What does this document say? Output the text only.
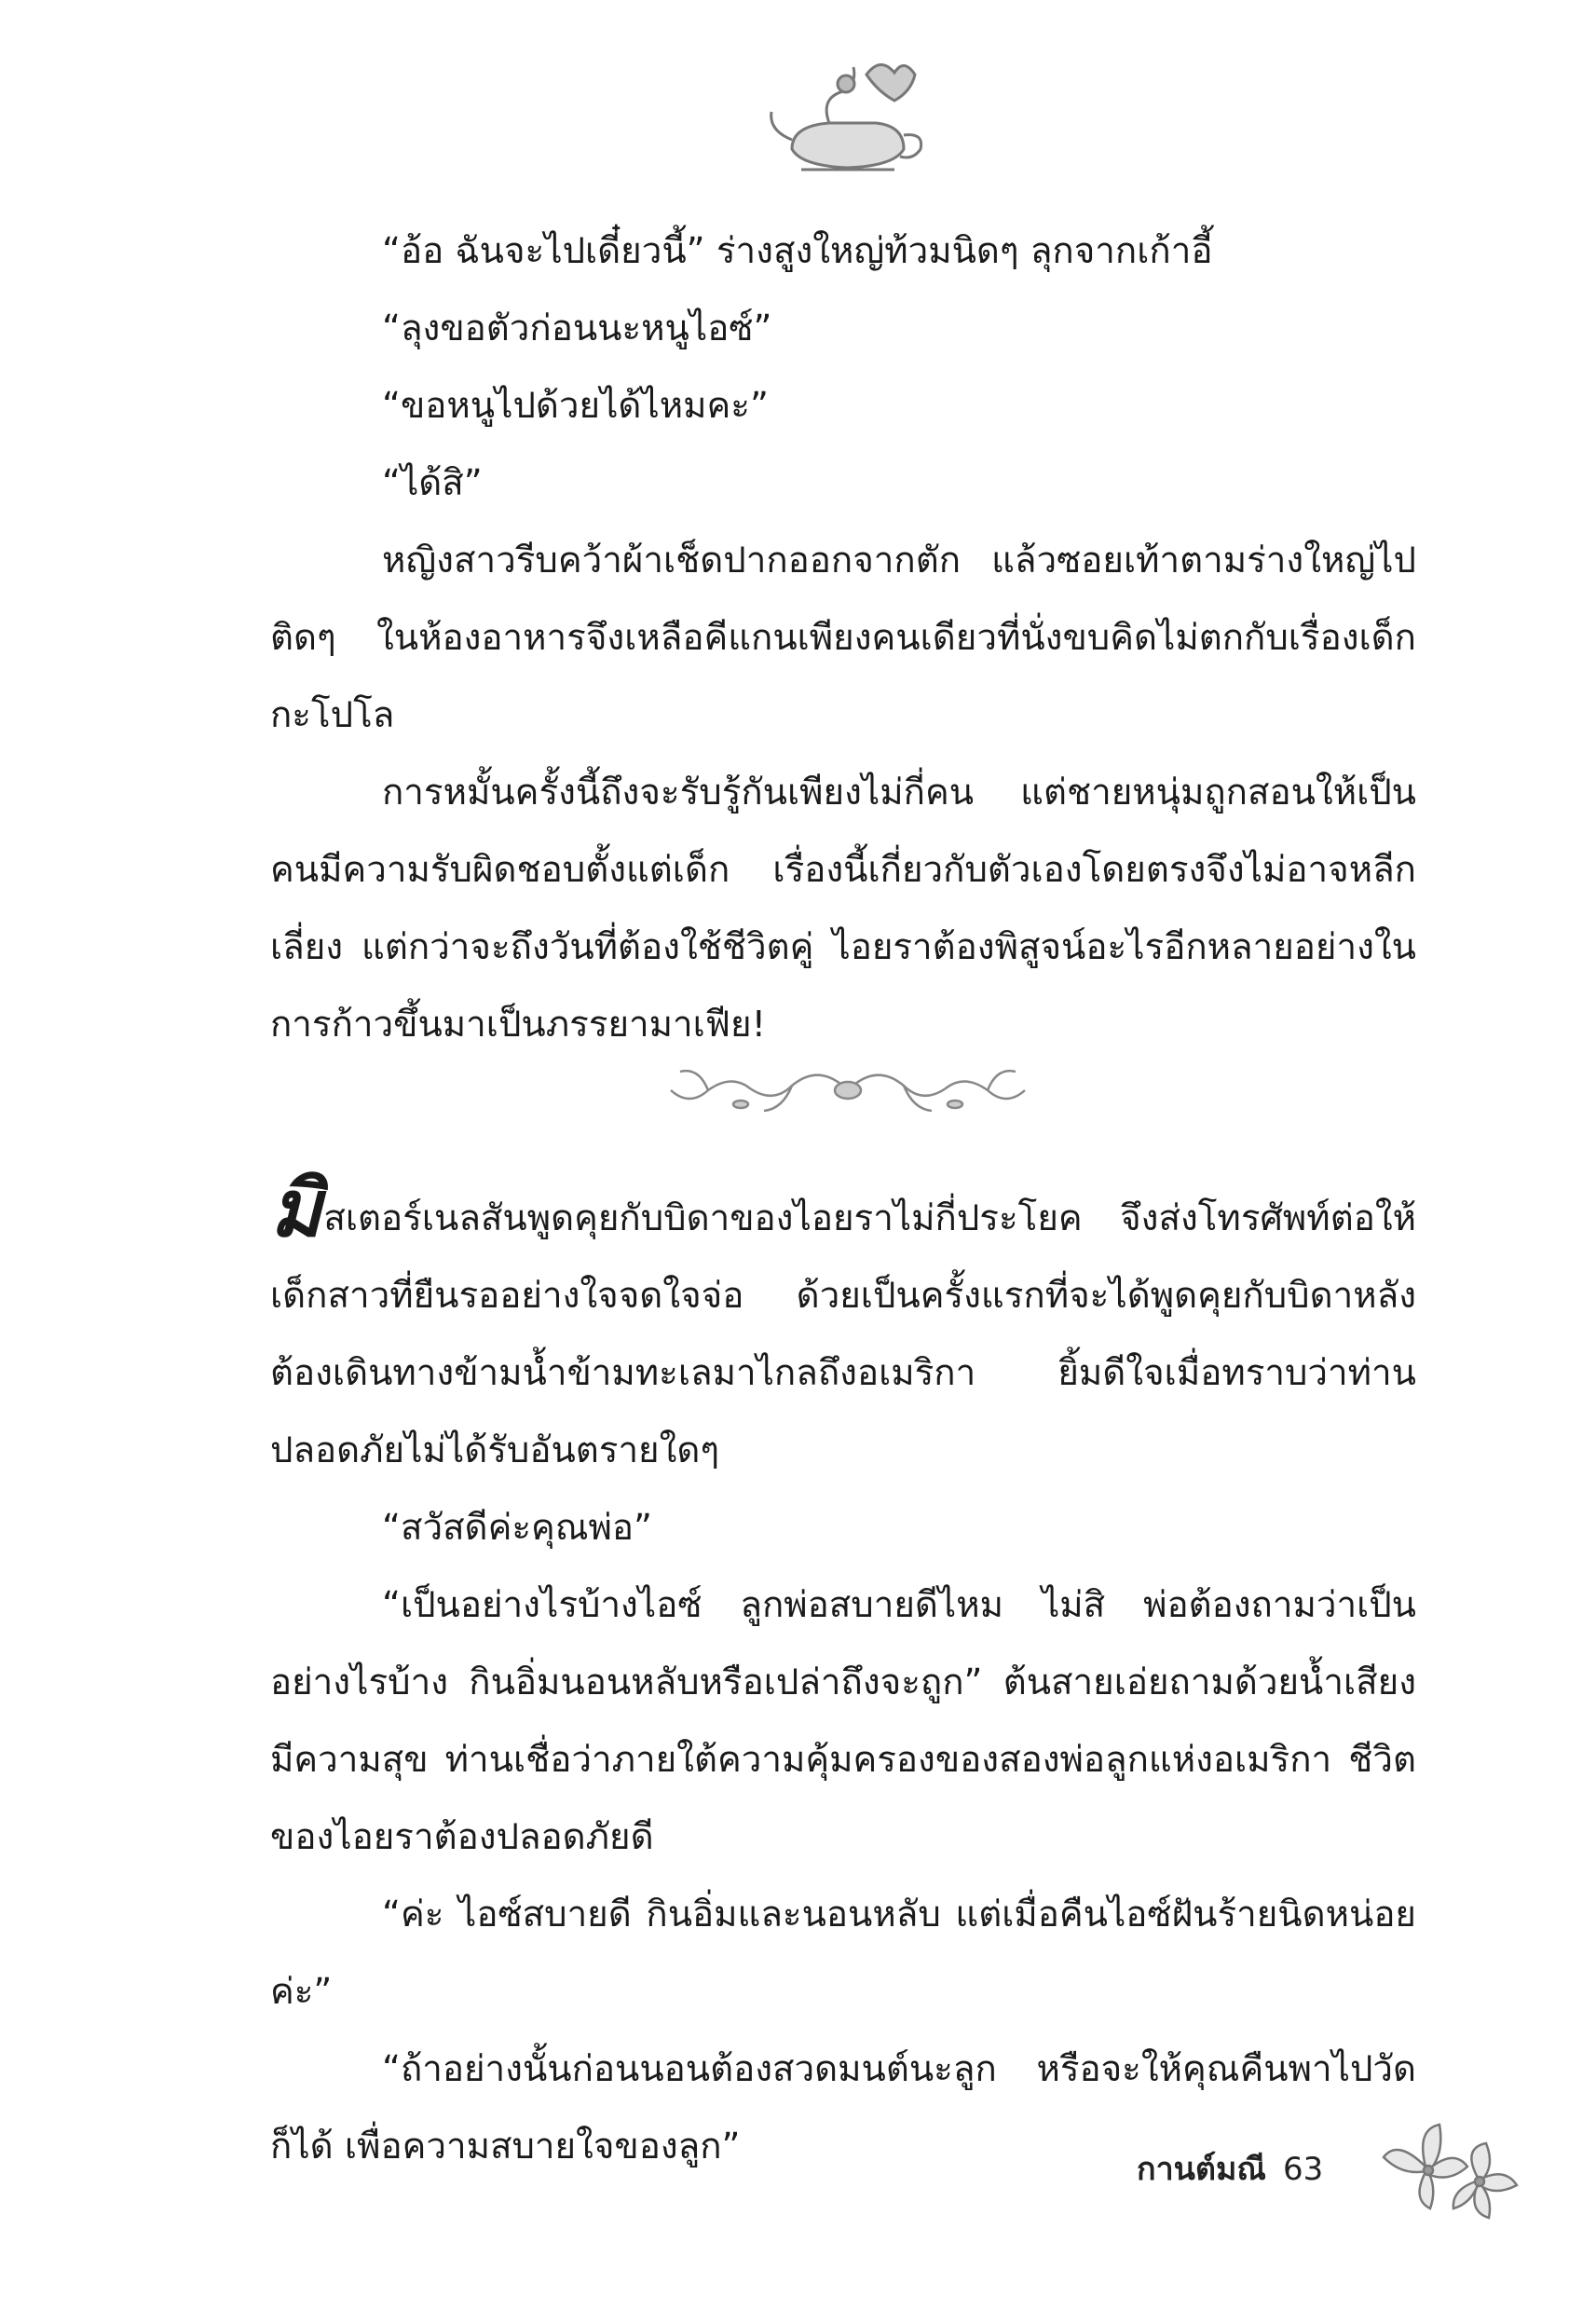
“อ้อ ฉันจะไปเดี๋ยวนี้” ร่างสูงใหญ่ท้วมนิดๆ ลุกจากเก้าอี้

“ลุงขอตัวก่อนนะหนูไอซ์”

“ขอหนูไปด้วยได้ไหมคะ”

“ได้สิ”

หญิงสาวรีบคว้าผ้าเช็ดปากออกจากตัก แล้วซอยเท้าตามร่างใหญ่ไปติดๆ ในห้องอาหารจึงเหลือคีแกนเพียงคนเดียวที่นั่งขบคิดไม่ตกกับเรื่องเด็กกะโปโล

การหมั้นครั้งนี้ถึงจะรับรู้กันเพียงไม่กี่คน แต่ชายหนุ่มถูกสอนให้เป็นคนมีความรับผิดชอบตั้งแต่เด็ก เรื่องนี้เกี่ยวกับตัวเองโดยตรงจึงไม่อาจหลีกเลี่ยง แต่กว่าจะถึงวันที่ต้องใช้ชีวิตคู่ ไอยราต้องพิสูจน์อะไรอีกหลายอย่างในการก้าวขึ้นมาเป็นภรรยามาเฟีย!

มิสเตอร์เนลสันพูดคุยกับบิดาของไอยราไม่กี่ประโยค จึงส่งโทรศัพท์ต่อให้เด็กสาวที่ยืนรออย่างใจจดใจจ่อ ด้วยเป็นครั้งแรกที่จะได้พูดคุยกับบิดาหลังต้องเดินทางข้ามน้ำข้ามทะเลมาไกลถึงอเมริกา ยิ้มดีใจเมื่อทราบว่าท่านปลอดภัยไม่ได้รับอันตรายใดๆ

“สวัสดีค่ะคุณพ่อ”

“เป็นอย่างไรบ้างไอซ์ ลูกพ่อสบายดีไหม ไม่สิ พ่อต้องถามว่าเป็นอย่างไรบ้าง กินอิ่มนอนหลับหรือเปล่าถึงจะถูก” ต้นสายเอ่ยถามด้วยน้ำเสียงมีความสุข ท่านเชื่อว่าภายใต้ความคุ้มครองของสองพ่อลูกแห่งอเมริกา ชีวิตของไอยราต้องปลอดภัยดี

“ค่ะ ไอซ์สบายดี กินอิ่มและนอนหลับ แต่เมื่อคืนไอซ์ฝันร้ายนิดหน่อยค่ะ”

“ถ้าอย่างนั้นก่อนนอนต้องสวดมนต์นะลูก หรือจะให้คุณคืนพาไปวัดก็ได้ เพื่อความสบายใจของลูก”

กานต์มณี 63
